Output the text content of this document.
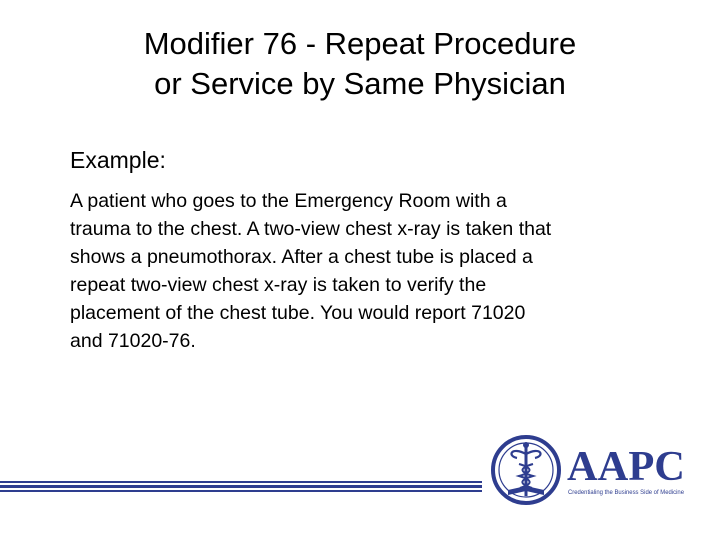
Modifier 76 - Repeat Procedure
or Service by Same Physician

Example:

A patient who goes to the Emergency Room with a
trauma to the chest. A two-view chest x-ray is taken that
shows a pneumothorax. After a chest tube is placed a
repeat two-view chest x-ray is taken to verify the
placement of the chest tube. You would report 71020
and 71020-76.
AAPC
Credentialing the Business Side of Medicine
